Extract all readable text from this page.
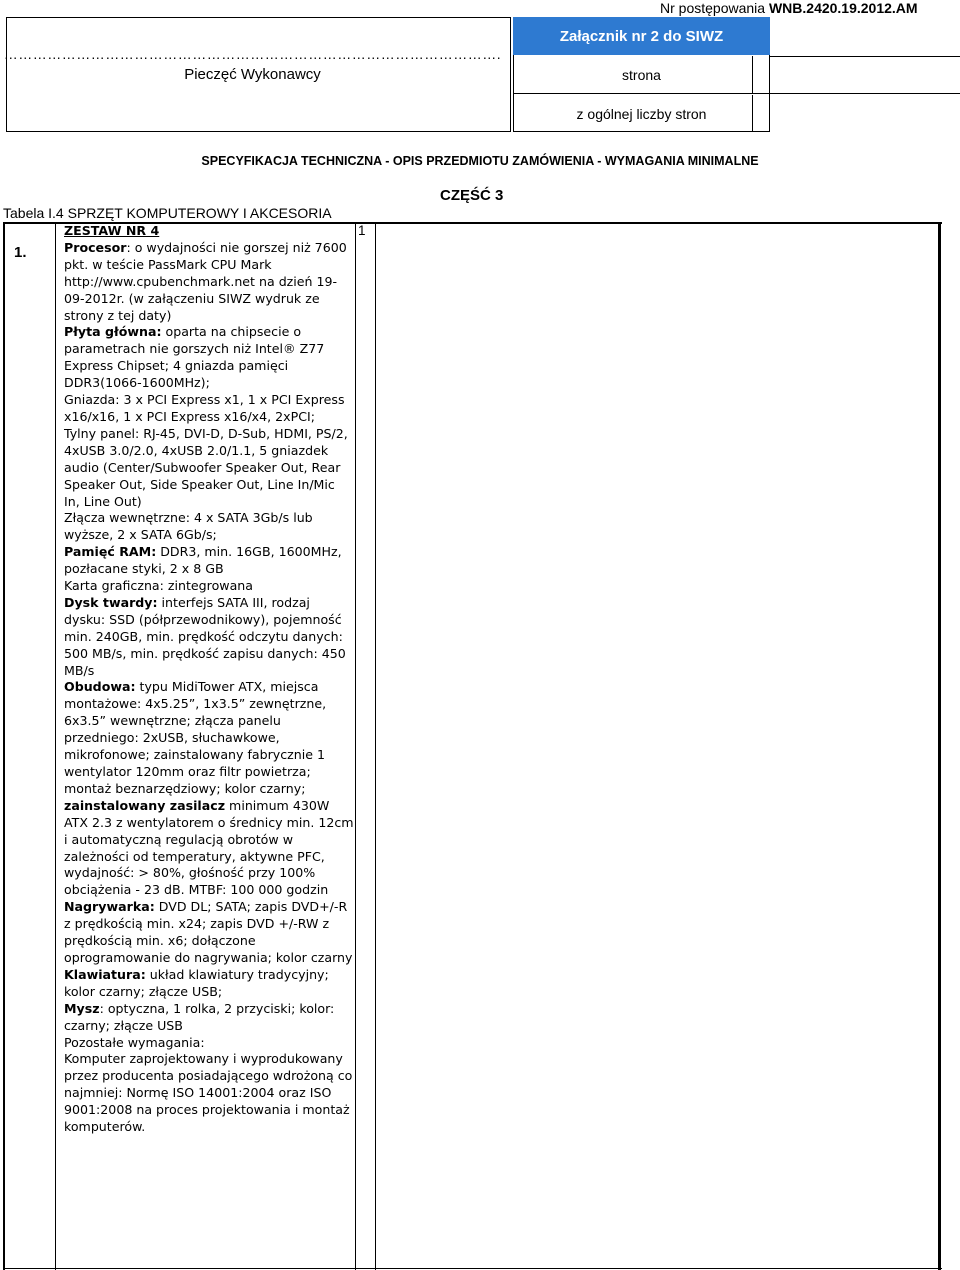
Nr postępowania WNB.2420.19.2012.AM
………………………………………………………………………………………….
Pieczęć Wykonawcy
Załącznik nr 2 do SIWZ
strona
z ogólnej liczby stron
SPECYFIKACJA TECHNICZNA - OPIS PRZEDMIOTU ZAMÓWIENIA - WYMAGANIA MINIMALNE
CZĘŚĆ 3
Tabela I.4 SPRZĘT KOMPUTEROWY I AKCESORIA
1.
1
ZESTAW NR 4

Procesor: o wydajności nie gorszej niż 7600 pkt. w teście PassMark CPU Mark http://www.cpubenchmark.net na dzień 19-09-2012r. (w załączeniu SIWZ wydruk ze strony z tej daty)

Płyta główna: oparta na chipsecie o parametrach nie gorszych niż Intel® Z77 Express Chipset; 4 gniazda pamięci DDR3(1066-1600MHz);

Gniazda: 3 x PCI Express x1, 1 x PCI Express x16/x16, 1 x PCI Express x16/x4, 2xPCI;

Tylny panel: RJ-45, DVI-D, D-Sub, HDMI, PS/2, 4xUSB 3.0/2.0, 4xUSB 2.0/1.1, 5 gniazdek audio (Center/Subwoofer Speaker Out, Rear Speaker Out, Side Speaker Out, Line In/Mic In, Line Out)

Złącza wewnętrzne: 4 x SATA 3Gb/s lub wyższe, 2 x SATA 6Gb/s;

Pamięć RAM: DDR3, min. 16GB, 1600MHz, pozłacane styki, 2 x 8 GB

Karta graficzna: zintegrowana

Dysk twardy: interfejs SATA III, rodzaj dysku: SSD (półprzewodnikowy), pojemność min. 240GB, min. prędkość odczytu danych: 500 MB/s, min. prędkość zapisu danych: 450 MB/s

Obudowa: typu MidiTower ATX, miejsca montażowe: 4x5.25”, 1x3.5” zewnętrzne, 6x3.5” wewnętrzne; złącza panelu przedniego: 2xUSB, słuchawkowe, mikrofonowe; zainstalowany fabrycznie 1 wentylator 120mm oraz filtr powietrza; montaż beznarzędziowy; kolor czarny;

zainstalowany zasilacz minimum 430W ATX 2.3 z wentylatorem o średnicy min. 12cm i automatyczną regulacją obrotów w zależności od temperatury, aktywne PFC, wydajność: > 80%, głośność przy 100% obciążenia - 23 dB. MTBF: 100 000 godzin

Nagrywarka: DVD DL; SATA; zapis DVD+/-R z prędkością min. x24; zapis DVD +/-RW z prędkością min. x6; dołączone oprogramowanie do nagrywania; kolor czarny

Klawiatura: układ klawiatury tradycyjny; kolor czarny; złącze USB;

Mysz: optyczna, 1 rolka, 2 przyciski; kolor: czarny; złącze USB

Pozostałe wymagania:

Komputer zaprojektowany i wyprodukowany przez producenta posiadającego wdrożoną co najmniej: Normę ISO 14001:2004 oraz ISO 9001:2008 na proces projektowania i montaż komputerów.
